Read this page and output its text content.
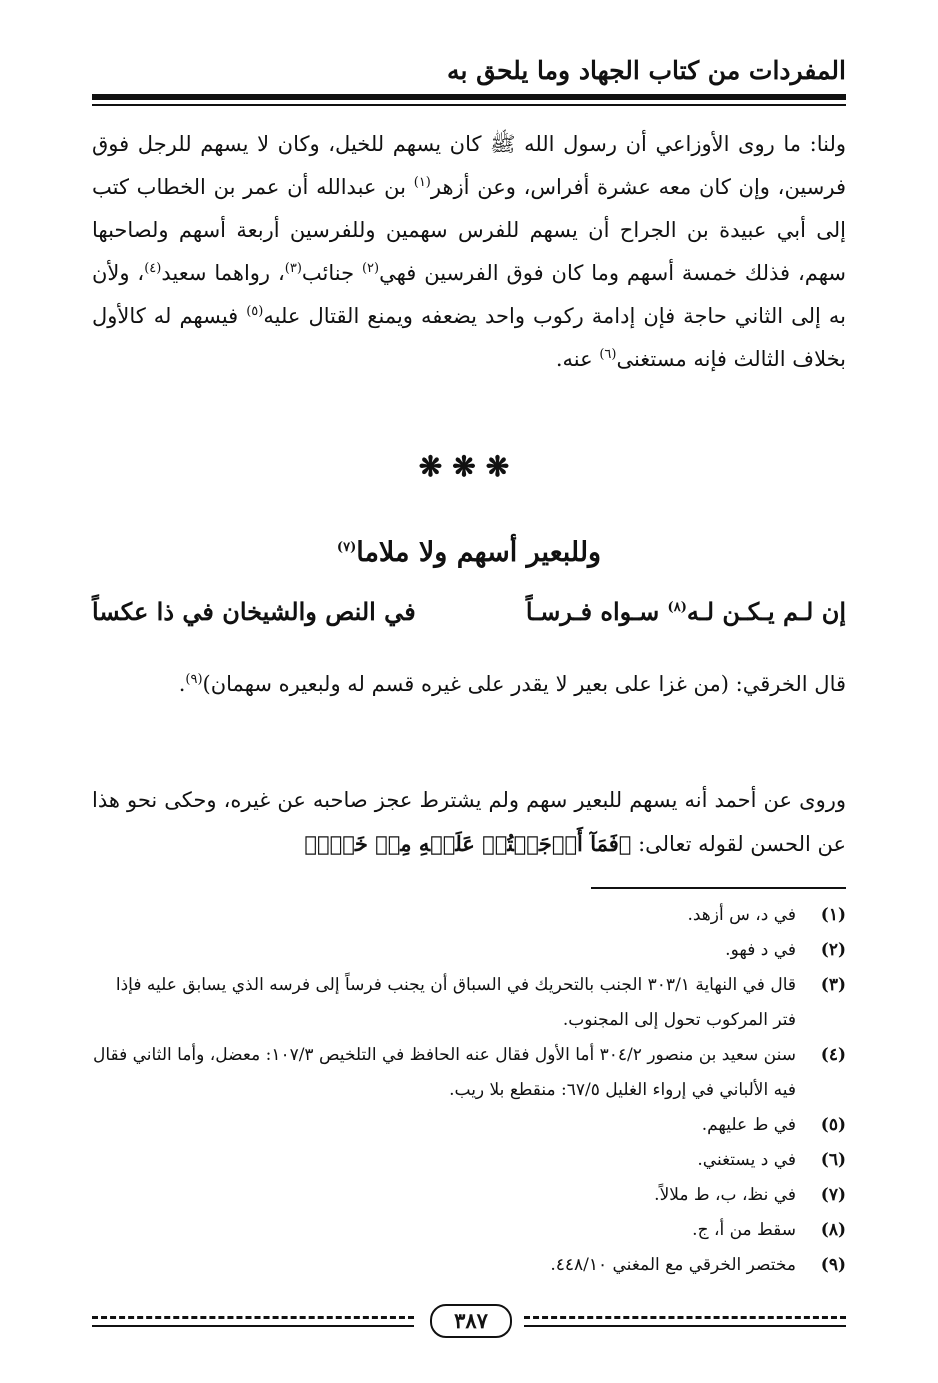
المفردات من كتاب الجهاد وما يلحق به
ولنا: ما روى الأوزاعي أن رسول الله ﷺ كان يسهم للخيل، وكان لا يسهم للرجل فوق فرسين، وإن كان معه عشرة أفراس، وعن أزهر$^{(١)}$ بن عبدالله أن عمر بن الخطاب كتب إلى أبي عبيدة بن الجراح أن يسهم للفرس سهمين وللفرسين أربعة أسهم ولصاحبها سهم، فذلك خمسة أسهم وما كان فوق الفرسين فهي$^{(٢)}$ جنائب$^{(٣)}$، رواهما سعيد$^{(٤)}$، ولأن به إلى الثاني حاجة فإن إدامة ركوب واحد يضعفه ويمنع القتال عليه$^{(٥)}$ فيسهم له كالأول بخلاف الثالث فإنه مستغنى$^{(٦)}$ عنه.
❋❋❋
وللبعير أسهم ولا ملاما$^{(٧)}$
إن لـم يـكـن لـه$^{(٨)}$ سـواه فـرسـاً
في النص والشيخان في ذا عكساً
قال الخرقي: (من غزا على بعير لا يقدر على غيره قسم له ولبعيره سهمان)$^{(٩)}$.
وروى عن أحمد أنه يسهم للبعير سهم ولم يشترط عجز صاحبه عن غيره، وحكى نحو هذا عن الحسن لقوله تعالى: ﴿فَمَآ أَوۡجَفۡتُمۡ عَلَيۡهِ مِنۡ خَيۡلٖ
(١)
في د، س أزهد.
(٢)
في د فهو.
(٣)
قال في النهاية ٣٠٣/١ الجنب بالتحريك في السباق أن يجنب فرساً إلى فرسه الذي يسابق عليه فإذا فتر المركوب تحول إلى المجنوب.
(٤)
سنن سعيد بن منصور ٣٠٤/٢ أما الأول فقال عنه الحافظ في التلخيص ١٠٧/٣: معضل، وأما الثاني فقال فيه الألباني في إرواء الغليل ٦٧/٥: منقطع بلا ريب.
(٥)
في ط عليهم.
(٦)
في د يستغني.
(٧)
في نظ، ب، ط ملالاً.
(٨)
سقط من أ، ج.
(٩)
مختصر الخرقي مع المغني ٤٤٨/١٠.
٣٨٧
